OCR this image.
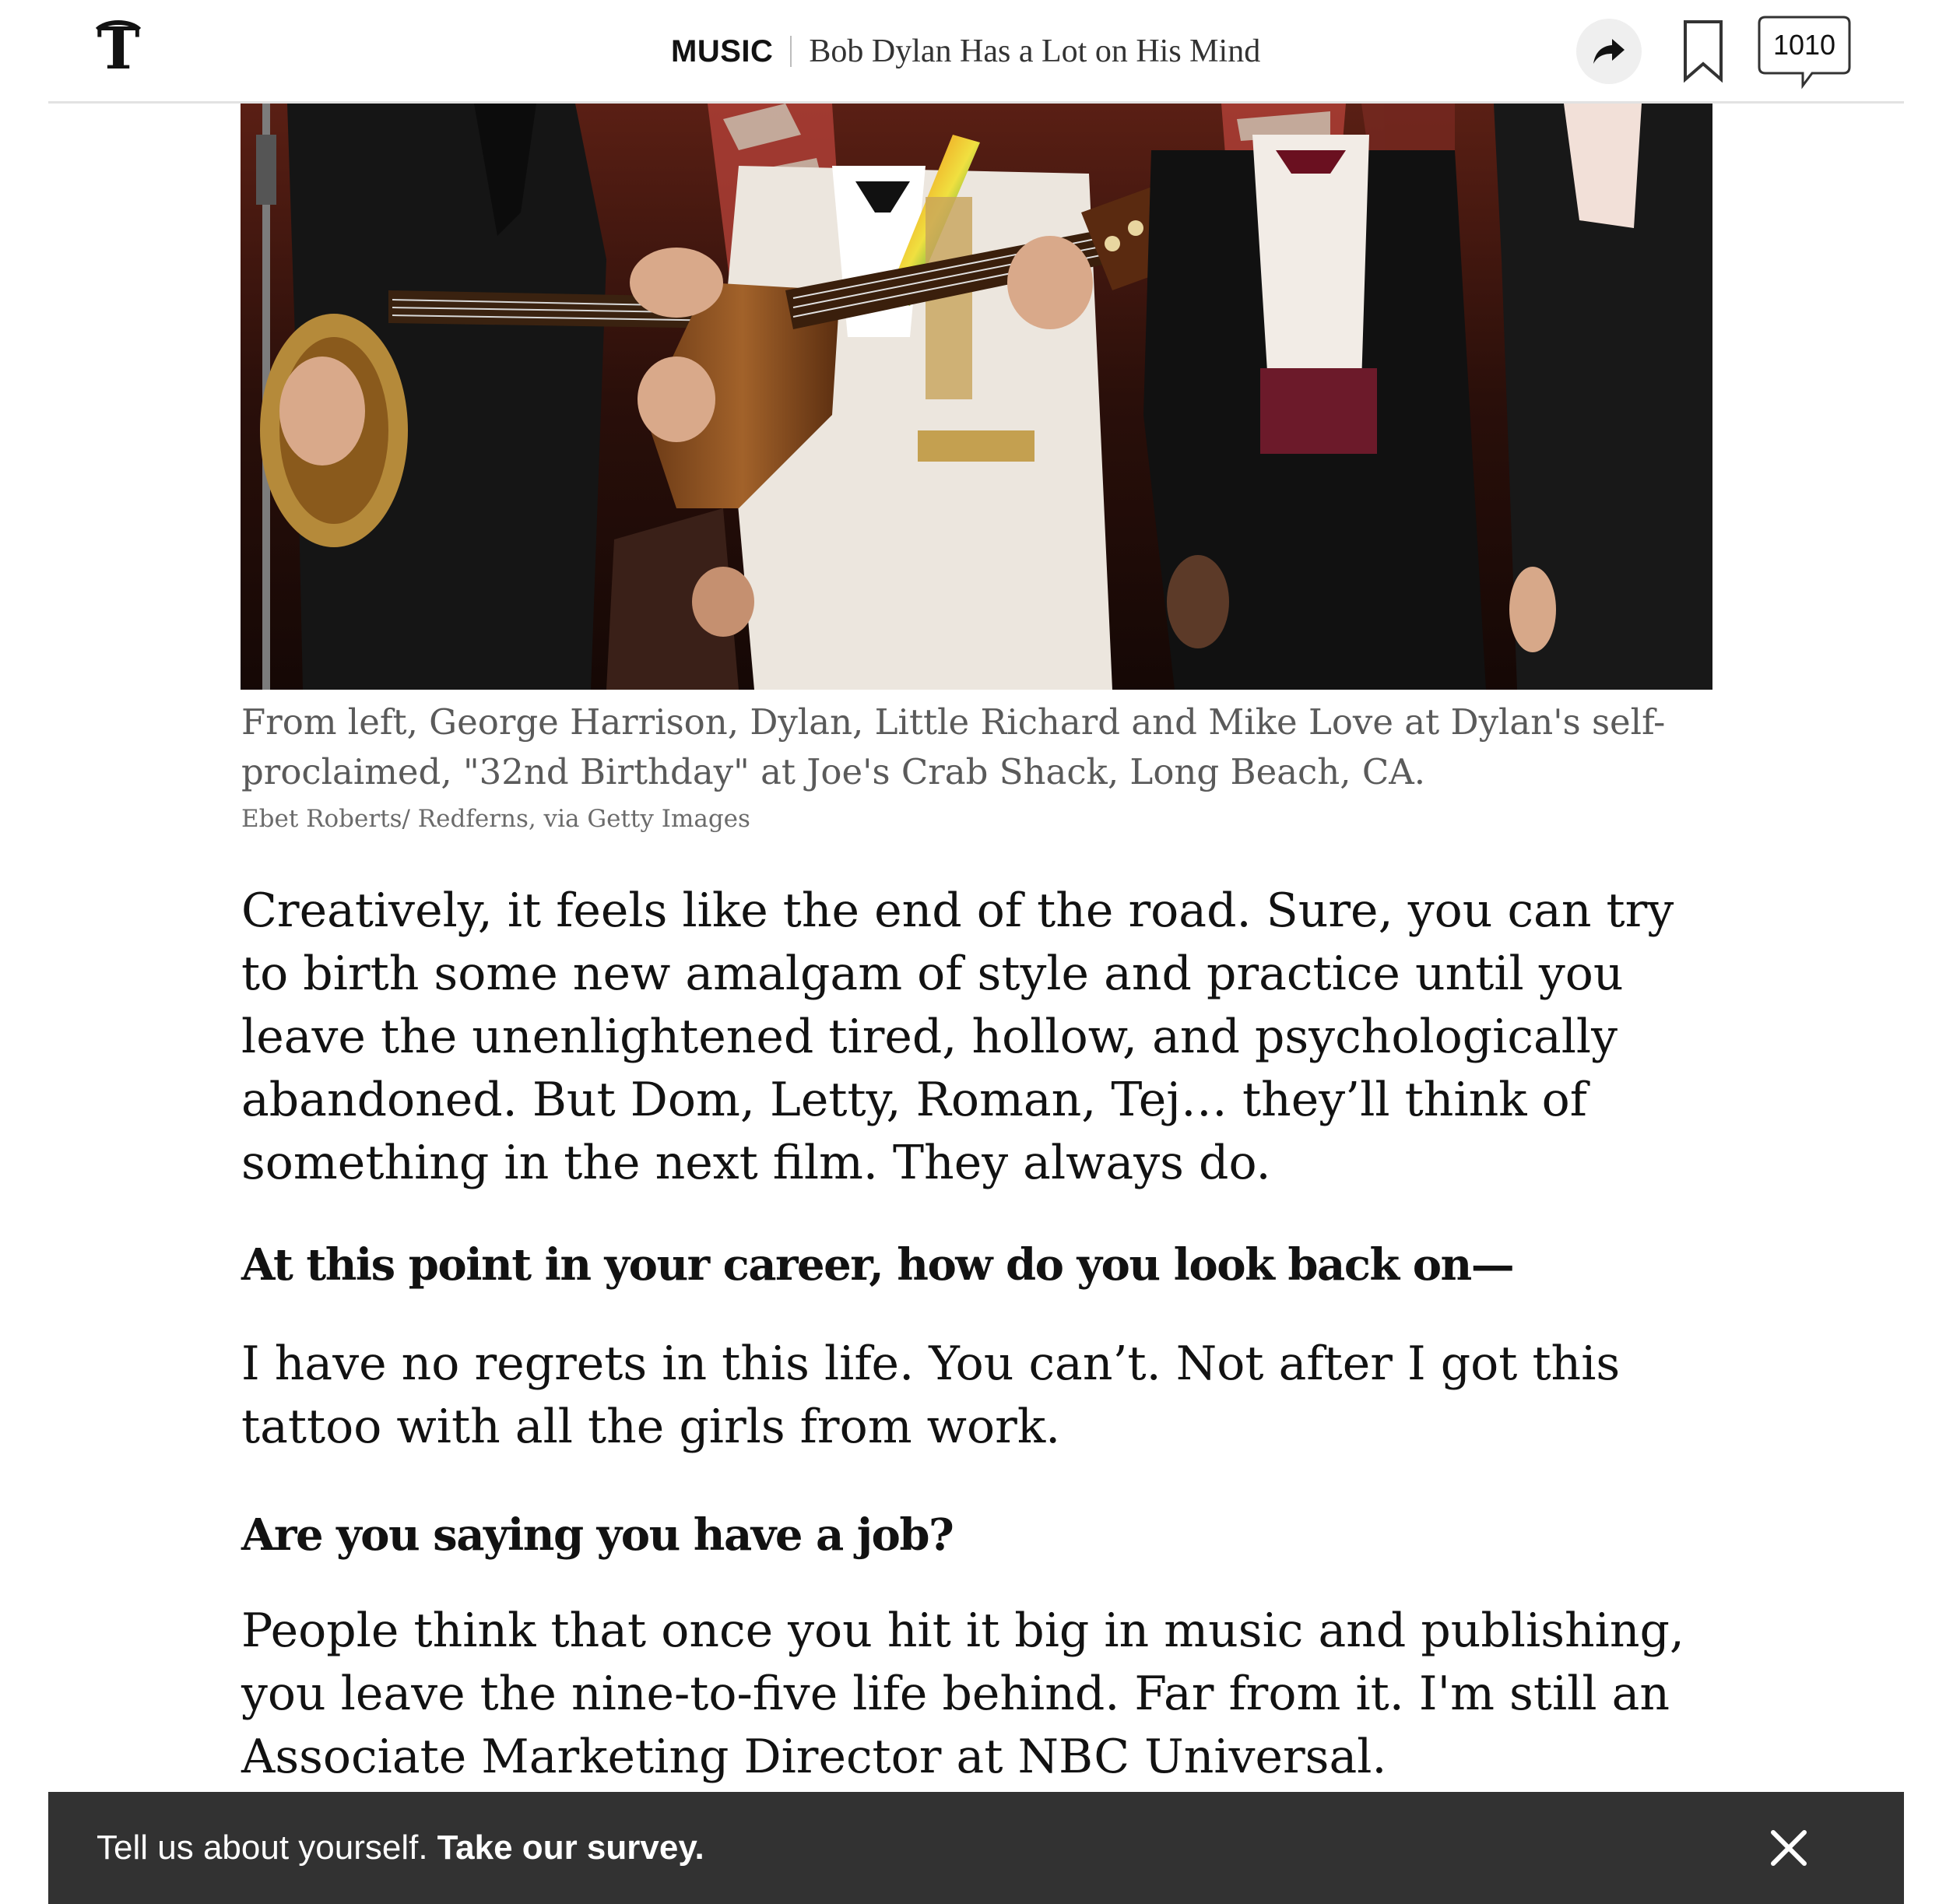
T	MUSIC Bob Dylan Has a Lot on His Mind	1010
From left, George Harrison, Dylan, Little Richard and Mike Love at Dylan's self-proclaimed, "32nd Birthday" at Joe's Crab Shack, Long Beach, CA.
Ebet Roberts/ Redferns, via Getty Images

Creatively, it feels like the end of the road. Sure, you can try to birth some new amalgam of style and practice until you leave the unenlightened tired, hollow, and psychologically abandoned. But Dom, Letty, Roman, Tej… they’ll think of something in the next film. They always do.

At this point in your career, how do you look back on—

I have no regrets in this life. You can’t. Not after I got this tattoo with all the girls from work.

Are you saying you have a job?

People think that once you hit it big in music and publishing, you leave the nine-to-five life behind. Far from it. I'm still an Associate Marketing Director at NBC Universal.

Tell us about yourself. Take our survey.
